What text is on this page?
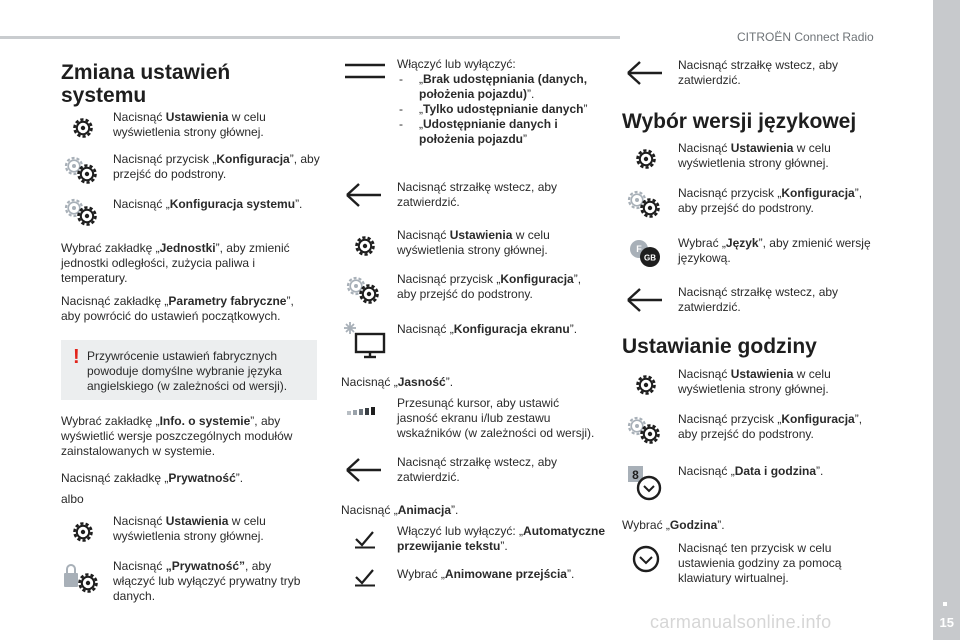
CITROËN Connect Radio
15
carmanualsonline.info
Zmiana ustawień systemu
Nacisnąć Ustawienia w celu wyświetlenia strony głównej.
Nacisnąć przycisk „Konfiguracja”, aby przejść do podstrony.
Nacisnąć „Konfiguracja systemu”.
Wybrać zakładkę „Jednostki”, aby zmienić jednostki odległości, zużycia paliwa i temperatury.
Nacisnąć zakładkę „Parametry fabryczne”, aby powrócić do ustawień początkowych.
! Przywrócenie ustawień fabrycznych powoduje domyślne wybranie języka angielskiego (w zależności od wersji).
Wybrać zakładkę „Info. o systemie”, aby wyświetlić wersje poszczególnych modułów zainstalowanych w systemie.
Nacisnąć zakładkę „Prywatność”.
albo
Nacisnąć Ustawienia w celu wyświetlenia strony głównej.
Nacisnąć „Prywatność”, aby włączyć lub wyłączyć prywatny tryb danych.
Włączyć lub wyłączyć:
- „Brak udostępniania (danych, położenia pojazdu)”.
- „Tylko udostępnianie danych”
- „Udostępnianie danych i położenia pojazdu”
Nacisnąć strzałkę wstecz, aby zatwierdzić.
Nacisnąć Ustawienia w celu wyświetlenia strony głównej.
Nacisnąć przycisk „Konfiguracja”, aby przejść do podstrony.
Nacisnąć „Konfiguracja ekranu”.
Nacisnąć „Jasność”.
Przesunąć kursor, aby ustawić jasność ekranu i/lub zestawu wskaźników (w zależności od wersji).
Nacisnąć strzałkę wstecz, aby zatwierdzić.
Nacisnąć „Animacja”.
Włączyć lub wyłączyć: „Automatyczne przewijanie tekstu”.
Wybrać „Animowane przejścia”.
Nacisnąć strzałkę wstecz, aby zatwierdzić.
Wybór wersji językowej
Nacisnąć Ustawienia w celu wyświetlenia strony głównej.
Nacisnąć przycisk „Konfiguracja”, aby przejść do podstrony.
F
GB
Wybrać „Język”, aby zmienić wersję językową.
Nacisnąć strzałkę wstecz, aby zatwierdzić.
Ustawianie godziny
Nacisnąć Ustawienia w celu wyświetlenia strony głównej.
Nacisnąć przycisk „Konfiguracja”, aby przejść do podstrony.
8	Nacisnąć „Data i godzina”.
Wybrać „Godzina”.
Nacisnąć ten przycisk w celu ustawienia godziny za pomocą klawiatury wirtualnej.
